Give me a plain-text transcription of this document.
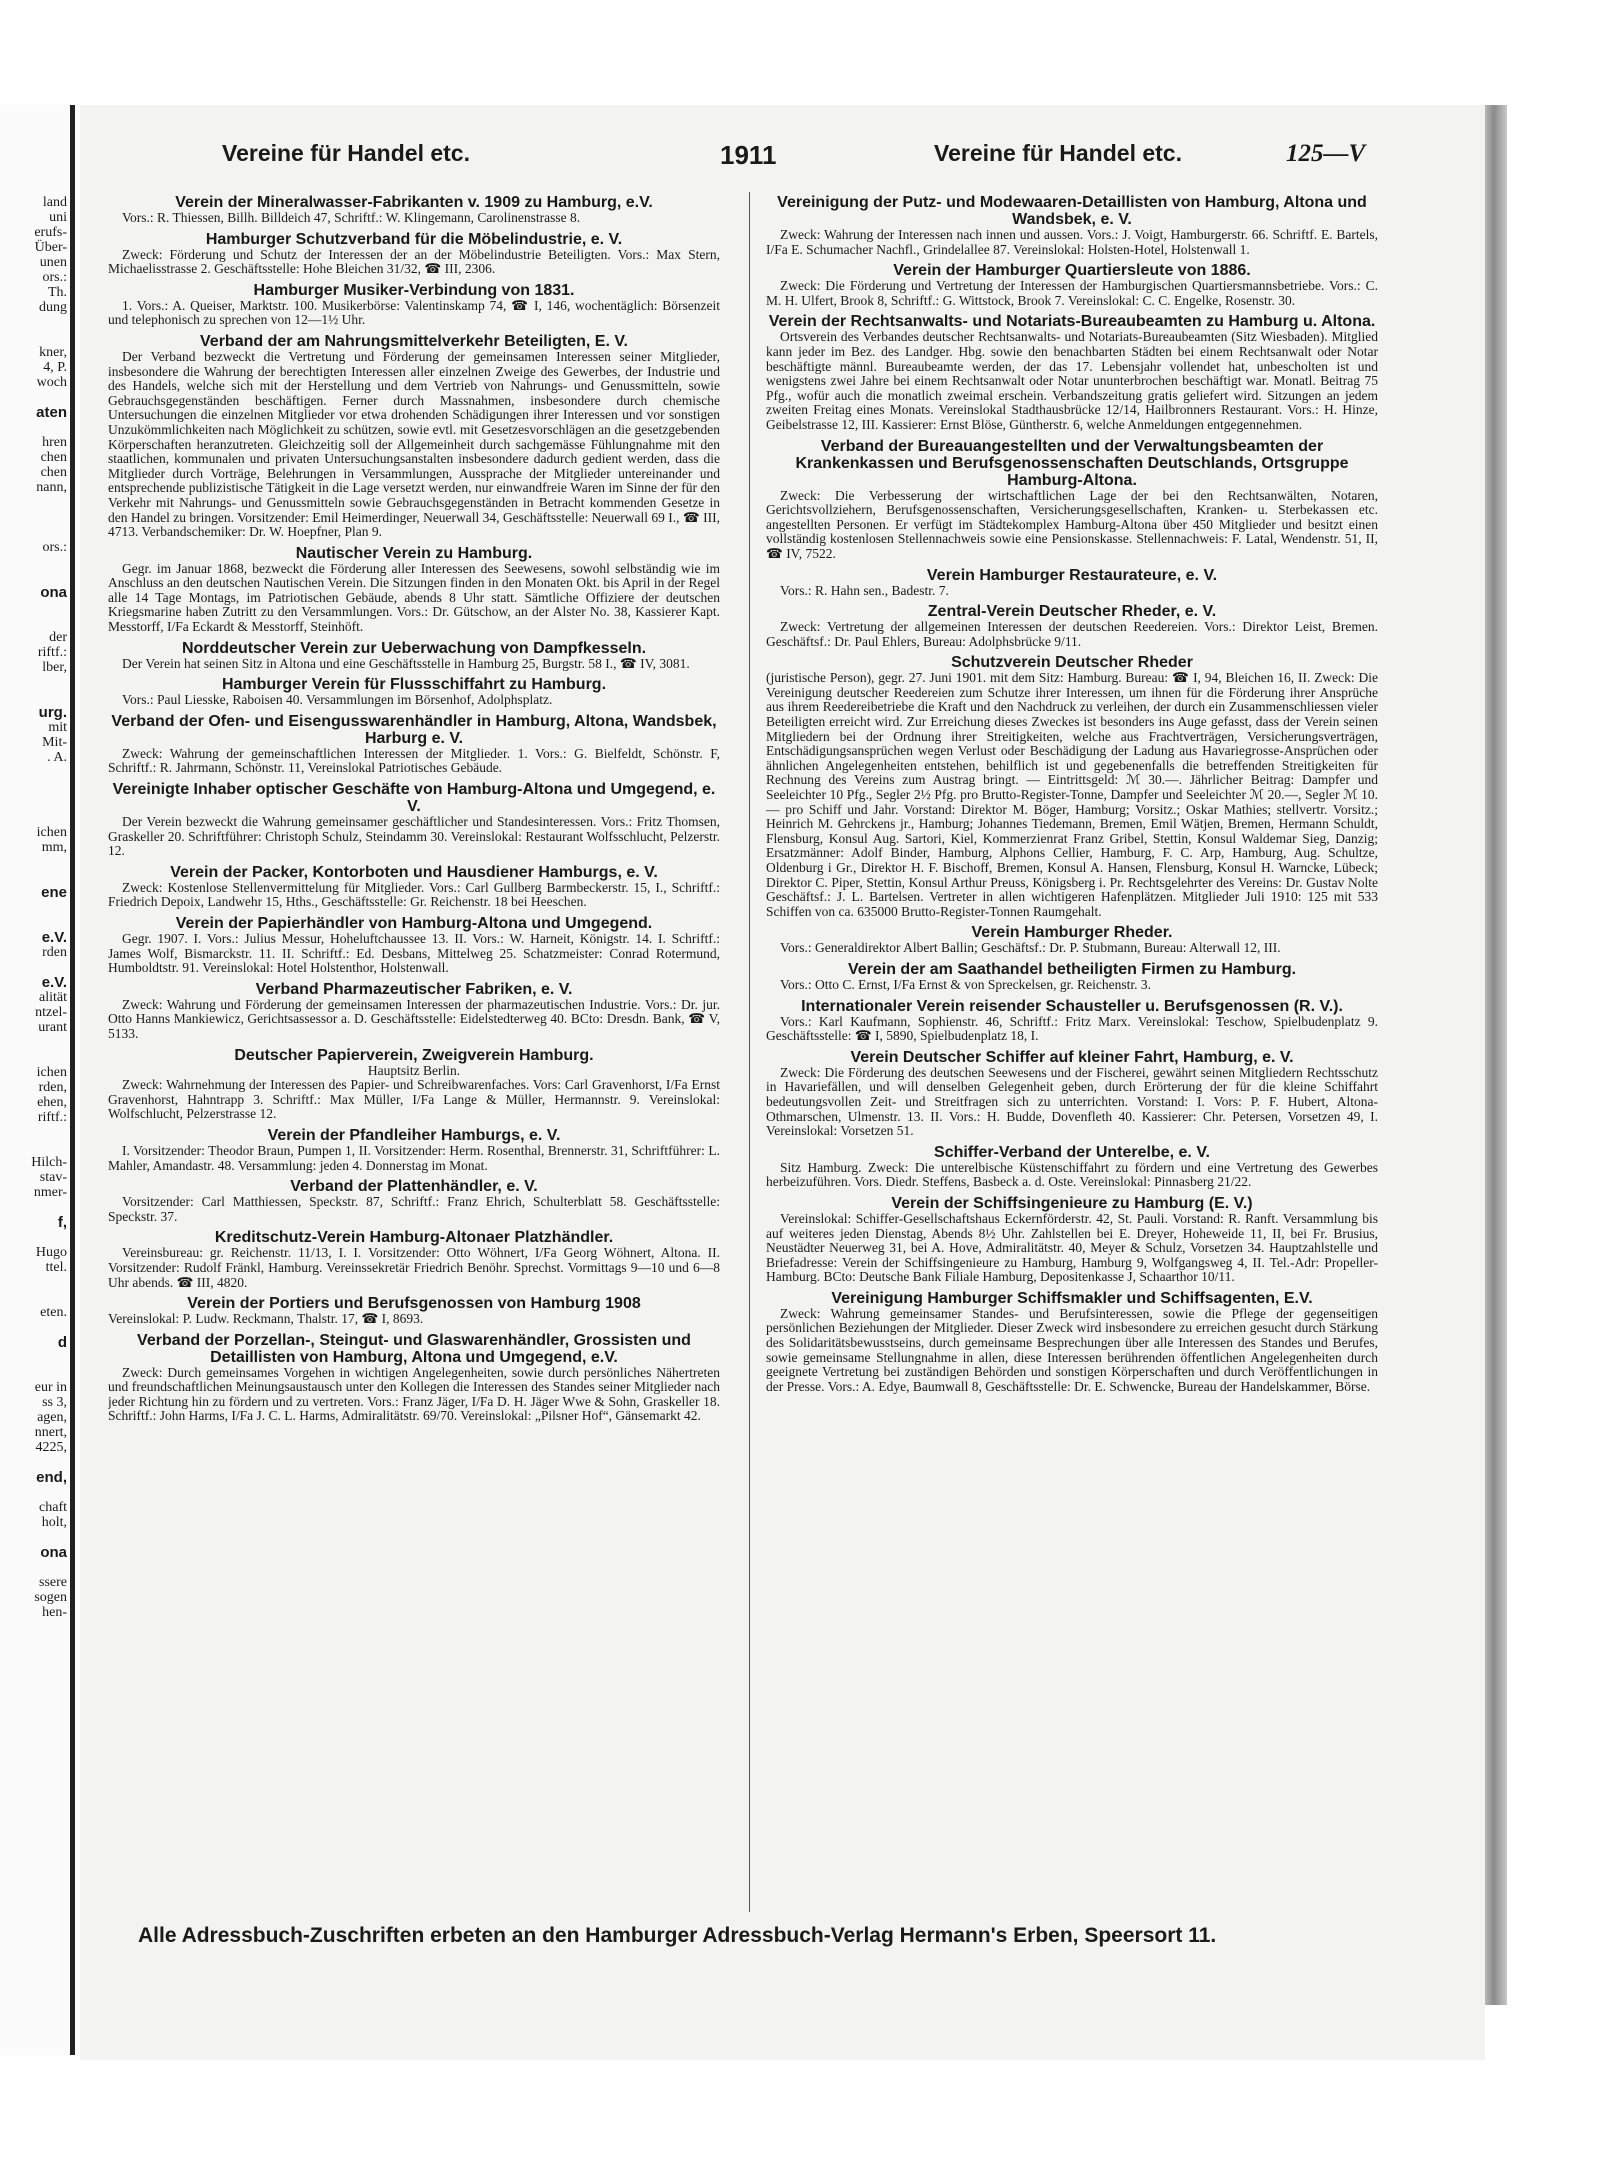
land
uni
erufs-
Über-
unen
ors.:
Th.
dung
kner,
4, P.
woch
aten
hren
chen
chen
nann,
ors.:
ona
der
riftf.:
lber,
urg.
mit
Mit-
. A.
ichen
mm,
ene
e.V.
rden
e.V.
alität
ntzel-
urant
ichen
rden,
ehen,
riftf.:
Hilch-
stav-
nmer-
f,
Hugo
ttel.
eten.
d
eur in
ss 3,
agen,
nnert,
4225,
end,
chaft
holt,
ona
ssere
sogen
hen-
Vereine für Handel etc.	1911	Vereine für Handel etc.	125—V
Verein der Mineralwasser-Fabrikanten v. 1909 zu Hamburg, e.V.
Vors.: R. Thiessen, Billh. Billdeich 47, Schriftf.: W. Klingemann, Carolinenstrasse 8.
Hamburger Schutzverband für die Möbelindustrie, e. V.
Zweck: Förderung und Schutz der Interessen der an der Möbelindustrie Beteiligten. Vors.: Max Stern, Michaelisstrasse 2. Geschäftsstelle: Hohe Bleichen 31/32, ☎ III, 2306.
Hamburger Musiker-Verbindung von 1831.
1. Vors.: A. Queiser, Marktstr. 100. Musikerbörse: Valentinskamp 74, ☎ I, 146, wochentäglich: Börsenzeit und telephonisch zu sprechen von 12—1½ Uhr.
Verband der am Nahrungsmittelverkehr Beteiligten, E. V.
Der Verband bezweckt die Vertretung und Förderung der gemeinsamen Interessen seiner Mitglieder, insbesondere die Wahrung der berechtigten Interessen aller einzelnen Zweige des Gewerbes, der Industrie und des Handels, welche sich mit der Herstellung und dem Vertrieb von Nahrungs- und Genussmitteln, sowie Gebrauchsgegenständen beschäftigen. Ferner durch Massnahmen, insbesondere durch chemische Untersuchungen die einzelnen Mitglieder vor etwa drohenden Schädigungen ihrer Interessen und vor sonstigen Unzukömmlichkeiten nach Möglichkeit zu schützen, sowie evtl. mit Gesetzesvorschlägen an die gesetzgebenden Körperschaften heranzutreten. Gleichzeitig soll der Allgemeinheit durch sachgemässe Fühlungnahme mit den staatlichen, kommunalen und privaten Untersuchungsanstalten insbesondere dadurch gedient werden, dass die Mitglieder durch Vorträge, Belehrungen in Versammlungen, Aussprache der Mitglieder untereinander und entsprechende publizistische Tätigkeit in die Lage versetzt werden, nur einwandfreie Waren im Sinne der für den Verkehr mit Nahrungs- und Genussmitteln sowie Gebrauchsgegenständen in Betracht kommenden Gesetze in den Handel zu bringen. Vorsitzender: Emil Heimerdinger, Neuerwall 34, Geschäftsstelle: Neuerwall 69 I., ☎ III, 4713. Verbandschemiker: Dr. W. Hoepfner, Plan 9.
Nautischer Verein zu Hamburg.
Gegr. im Januar 1868, bezweckt die Förderung aller Interessen des Seewesens, sowohl selbständig wie im Anschluss an den deutschen Nautischen Verein. Die Sitzungen finden in den Monaten Okt. bis April in der Regel alle 14 Tage Montags, im Patriotischen Gebäude, abends 8 Uhr statt. Sämtliche Offiziere der deutschen Kriegsmarine haben Zutritt zu den Versammlungen. Vors.: Dr. Gütschow, an der Alster No. 38, Kassierer Kapt. Messtorff, I/Fa Eckardt & Messtorff, Steinhöft.
Norddeutscher Verein zur Ueberwachung von Dampfkesseln.
Der Verein hat seinen Sitz in Altona und eine Geschäftsstelle in Hamburg 25, Burgstr. 58 I., ☎ IV, 3081.
Hamburger Verein für Flussschiffahrt zu Hamburg.
Vors.: Paul Liesske, Raboisen 40. Versammlungen im Börsenhof, Adolphsplatz.
Verband der Ofen- und Eisengusswarenhändler in Hamburg, Altona, Wandsbek, Harburg e. V.
Zweck: Wahrung der gemeinschaftlichen Interessen der Mitglieder. 1. Vors.: G. Bielfeldt, Schönstr. F, Schriftf.: R. Jahrmann, Schönstr. 11, Vereinslokal Patriotisches Gebäude.
Vereinigte Inhaber optischer Geschäfte von Hamburg-Altona und Umgegend, e. V.
Der Verein bezweckt die Wahrung gemeinsamer geschäftlicher und Standesinteressen. Vors.: Fritz Thomsen, Graskeller 20. Schriftführer: Christoph Schulz, Steindamm 30. Vereinslokal: Restaurant Wolfsschlucht, Pelzerstr. 12.
Verein der Packer, Kontorboten und Hausdiener Hamburgs, e. V.
Zweck: Kostenlose Stellenvermittelung für Mitglieder. Vors.: Carl Gullberg Barmbeckerstr. 15, I., Schriftf.: Friedrich Depoix, Landwehr 15, Hths., Geschäftsstelle: Gr. Reichenstr. 18 bei Heeschen.
Verein der Papierhändler von Hamburg-Altona und Umgegend.
Gegr. 1907. I. Vors.: Julius Messur, Hoheluftchaussee 13. II. Vors.: W. Harneit, Königstr. 14. I. Schriftf.: James Wolf, Bismarckstr. 11. II. Schriftf.: Ed. Desbans, Mittelweg 25. Schatzmeister: Conrad Rotermund, Humboldtstr. 91. Vereinslokal: Hotel Holstenthor, Holstenwall.
Verband Pharmazeutischer Fabriken, e. V.
Zweck: Wahrung und Förderung der gemeinsamen Interessen der pharmazeutischen Industrie. Vors.: Dr. jur. Otto Hanns Mankiewicz, Gerichtsassessor a. D. Geschäftsstelle: Eidelstedterweg 40. BCto: Dresdn. Bank, ☎ V, 5133.
Deutscher Papierverein, Zweigverein Hamburg.
Hauptsitz Berlin.
Zweck: Wahrnehmung der Interessen des Papier- und Schreibwarenfaches. Vors: Carl Gravenhorst, I/Fa Ernst Gravenhorst, Hahntrapp 3. Schriftf.: Max Müller, I/Fa Lange & Müller, Hermannstr. 9. Vereinslokal: Wolfschlucht, Pelzerstrasse 12.
Verein der Pfandleiher Hamburgs, e. V.
I. Vorsitzender: Theodor Braun, Pumpen 1, II. Vorsitzender: Herm. Rosenthal, Brennerstr. 31, Schriftführer: L. Mahler, Amandastr. 48. Versammlung: jeden 4. Donnerstag im Monat.
Verband der Plattenhändler, e. V.
Vorsitzender: Carl Matthiessen, Speckstr. 87, Schriftf.: Franz Ehrich, Schulterblatt 58. Geschäftsstelle: Speckstr. 37.
Kreditschutz-Verein Hamburg-Altonaer Platzhändler.
Vereinsbureau: gr. Reichenstr. 11/13, I. I. Vorsitzender: Otto Wöhnert, I/Fa Georg Wöhnert, Altona. II. Vorsitzender: Rudolf Fränkl, Hamburg. Vereinssekretär Friedrich Benöhr. Sprechst. Vormittags 9—10 und 6—8 Uhr abends. ☎ III, 4820.
Verein der Portiers und Berufsgenossen von Hamburg 1908
Vereinslokal: P. Ludw. Reckmann, Thalstr. 17, ☎ I, 8693.
Verband der Porzellan-, Steingut- und Glaswarenhändler, Grossisten und Detaillisten von Hamburg, Altona und Umgegend, e.V.
Zweck: Durch gemeinsames Vorgehen in wichtigen Angelegenheiten, sowie durch persönliches Nähertreten und freundschaftlichen Meinungsaustausch unter den Kollegen die Interessen des Standes seiner Mitglieder nach jeder Richtung hin zu fördern und zu vertreten. Vors.: Franz Jäger, I/Fa D. H. Jäger Wwe & Sohn, Graskeller 18. Schriftf.: John Harms, I/Fa J. C. L. Harms, Admiralitätstr. 69/70. Vereinslokal: „Pilsner Hof“, Gänsemarkt 42.
Vereinigung der Putz- und Modewaaren-Detaillisten von Hamburg, Altona und Wandsbek, e. V.
Zweck: Wahrung der Interessen nach innen und aussen. Vors.: J. Voigt, Hamburgerstr. 66. Schriftf. E. Bartels, I/Fa E. Schumacher Nachfl., Grindelallee 87. Vereinslokal: Holsten-Hotel, Holstenwall 1.
Verein der Hamburger Quartiersleute von 1886.
Zweck: Die Förderung und Vertretung der Interessen der Hamburgischen Quartiersmannsbetriebe. Vors.: C. M. H. Ulfert, Brook 8, Schriftf.: G. Wittstock, Brook 7. Vereinslokal: C. C. Engelke, Rosenstr. 30.
Verein der Rechtsanwalts- und Notariats-Bureaubeamten zu Hamburg u. Altona.
Ortsverein des Verbandes deutscher Rechtsanwalts- und Notariats-Bureaubeamten (Sitz Wiesbaden). Mitglied kann jeder im Bez. des Landger. Hbg. sowie den benachbarten Städten bei einem Rechtsanwalt oder Notar beschäftigte männl. Bureaubeamte werden, der das 17. Lebensjahr vollendet hat, unbescholten ist und wenigstens zwei Jahre bei einem Rechtsanwalt oder Notar ununterbrochen beschäftigt war. Monatl. Beitrag 75 Pfg., wofür auch die monatlich zweimal erschein. Verbandszeitung gratis geliefert wird. Sitzungen an jedem zweiten Freitag eines Monats. Vereinslokal Stadthausbrücke 12/14, Hailbronners Restaurant. Vors.: H. Hinze, Geibelstrasse 12, III. Kassierer: Ernst Blöse, Güntherstr. 6, welche Anmeldungen entgegennehmen.
Verband der Bureauangestellten und der Verwaltungsbeamten der Krankenkassen und Berufsgenossenschaften Deutschlands, Ortsgruppe Hamburg-Altona.
Zweck: Die Verbesserung der wirtschaftlichen Lage der bei den Rechtsanwälten, Notaren, Gerichtsvollziehern, Berufsgenossenschaften, Versicherungsgesellschaften, Kranken- u. Sterbekassen etc. angestellten Personen. Er verfügt im Städtekomplex Hamburg-Altona über 450 Mitglieder und besitzt einen vollständig kostenlosen Stellennachweis sowie eine Pensionskasse. Stellennachweis: F. Latal, Wendenstr. 51, II, ☎ IV, 7522.
Verein Hamburger Restaurateure, e. V.
Vors.: R. Hahn sen., Badestr. 7.
Zentral-Verein Deutscher Rheder, e. V.
Zweck: Vertretung der allgemeinen Interessen der deutschen Reedereien. Vors.: Direktor Leist, Bremen. Geschäftsf.: Dr. Paul Ehlers, Bureau: Adolphsbrücke 9/11.
Schutzverein Deutscher Rheder
(juristische Person), gegr. 27. Juni 1901. mit dem Sitz: Hamburg. Bureau: ☎ I, 94, Bleichen 16, II. Zweck: Die Vereinigung deutscher Reedereien zum Schutze ihrer Interessen, um ihnen für die Förderung ihrer Ansprüche aus ihrem Reedereibetriebe die Kraft und den Nachdruck zu verleihen, der durch ein Zusammenschliessen vieler Beteiligten erreicht wird. Zur Erreichung dieses Zweckes ist besonders ins Auge gefasst, dass der Verein seinen Mitgliedern bei der Ordnung ihrer Streitigkeiten, welche aus Frachtverträgen, Versicherungsverträgen, Entschädigungsansprüchen wegen Verlust oder Beschädigung der Ladung aus Havariegrosse-Ansprüchen oder ähnlichen Angelegenheiten entstehen, behilflich ist und gegebenenfalls die betreffenden Streitigkeiten für Rechnung des Vereins zum Austrag bringt. — Eintrittsgeld: ℳ 30.—. Jährlicher Beitrag: Dampfer und Seeleichter 10 Pfg., Segler 2½ Pfg. pro Brutto-Register-Tonne, Dampfer und Seeleichter ℳ 20.—, Segler ℳ 10.— pro Schiff und Jahr. Vorstand: Direktor M. Böger, Hamburg; Vorsitz.; Oskar Mathies; stellvertr. Vorsitz.; Heinrich M. Gehrckens jr., Hamburg; Johannes Tiedemann, Bremen, Emil Wätjen, Bremen, Hermann Schuldt, Flensburg, Konsul Aug. Sartori, Kiel, Kommerzienrat Franz Gribel, Stettin, Konsul Waldemar Sieg, Danzig; Ersatzmänner: Adolf Binder, Hamburg, Alphons Cellier, Hamburg, F. C. Arp, Hamburg, Aug. Schultze, Oldenburg i Gr., Direktor H. F. Bischoff, Bremen, Konsul A. Hansen, Flensburg, Konsul H. Warncke, Lübeck; Direktor C. Piper, Stettin, Konsul Arthur Preuss, Königsberg i. Pr. Rechtsgelehrter des Vereins: Dr. Gustav Nolte Geschäftsf.: J. L. Bartelsen. Vertreter in allen wichtigeren Hafenplätzen. Mitglieder Juli 1910: 125 mit 533 Schiffen von ca. 635000 Brutto-Register-Tonnen Raumgehalt.
Verein Hamburger Rheder.
Vors.: Generaldirektor Albert Ballin; Geschäftsf.: Dr. P. Stubmann, Bureau: Alterwall 12, III.
Verein der am Saathandel betheiligten Firmen zu Hamburg.
Vors.: Otto C. Ernst, I/Fa Ernst & von Spreckelsen, gr. Reichenstr. 3.
Internationaler Verein reisender Schausteller u. Berufsgenossen (R. V.).
Vors.: Karl Kaufmann, Sophienstr. 46, Schriftf.: Fritz Marx. Vereinslokal: Teschow, Spielbudenplatz 9. Geschäftsstelle: ☎ I, 5890, Spielbudenplatz 18, I.
Verein Deutscher Schiffer auf kleiner Fahrt, Hamburg, e. V.
Zweck: Die Förderung des deutschen Seewesens und der Fischerei, gewährt seinen Mitgliedern Rechtsschutz in Havariefällen, und will denselben Gelegenheit geben, durch Erörterung der für die kleine Schiffahrt bedeutungsvollen Zeit- und Streitfragen sich zu unterrichten. Vorstand: I. Vors: P. F. Hubert, Altona-Othmarschen, Ulmenstr. 13. II. Vors.: H. Budde, Dovenfleth 40. Kassierer: Chr. Petersen, Vorsetzen 49, I. Vereinslokal: Vorsetzen 51.
Schiffer-Verband der Unterelbe, e. V.
Sitz Hamburg. Zweck: Die unterelbische Küstenschiffahrt zu fördern und eine Vertretung des Gewerbes herbeizuführen. Vors. Diedr. Steffens, Basbeck a. d. Oste. Vereinslokal: Pinnasberg 21/22.
Verein der Schiffsingenieure zu Hamburg (E. V.)
Vereinslokal: Schiffer-Gesellschaftshaus Eckernförderstr. 42, St. Pauli. Vorstand: R. Ranft. Versammlung bis auf weiteres jeden Dienstag, Abends 8½ Uhr. Zahlstellen bei E. Dreyer, Hoheweide 11, II, bei Fr. Brusius, Neustädter Neuerweg 31, bei A. Hove, Admiralitätstr. 40, Meyer & Schulz, Vorsetzen 34. Hauptzahlstelle und Briefadresse: Verein der Schiffsingenieure zu Hamburg, Hamburg 9, Wolfgangsweg 4, II. Tel.-Adr: Propeller-Hamburg. BCto: Deutsche Bank Filiale Hamburg, Depositenkasse J, Schaarthor 10/11.
Vereinigung Hamburger Schiffsmakler und Schiffsagenten, E.V.
Zweck: Wahrung gemeinsamer Standes- und Berufsinteressen, sowie die Pflege der gegenseitigen persönlichen Beziehungen der Mitglieder. Dieser Zweck wird insbesondere zu erreichen gesucht durch Stärkung des Solidaritätsbewusstseins, durch gemeinsame Besprechungen über alle Interessen des Standes und Berufes, sowie gemeinsame Stellungnahme in allen, diese Interessen berührenden öffentlichen Angelegenheiten durch geeignete Vertretung bei zuständigen Behörden und sonstigen Körperschaften und durch Veröffentlichungen in der Presse. Vors.: A. Edye, Baumwall 8, Geschäftsstelle: Dr. E. Schwencke, Bureau der Handelskammer, Börse.
Alle Adressbuch-Zuschriften erbeten an den Hamburger Adressbuch-Verlag Hermann's Erben, Speersort 11.
